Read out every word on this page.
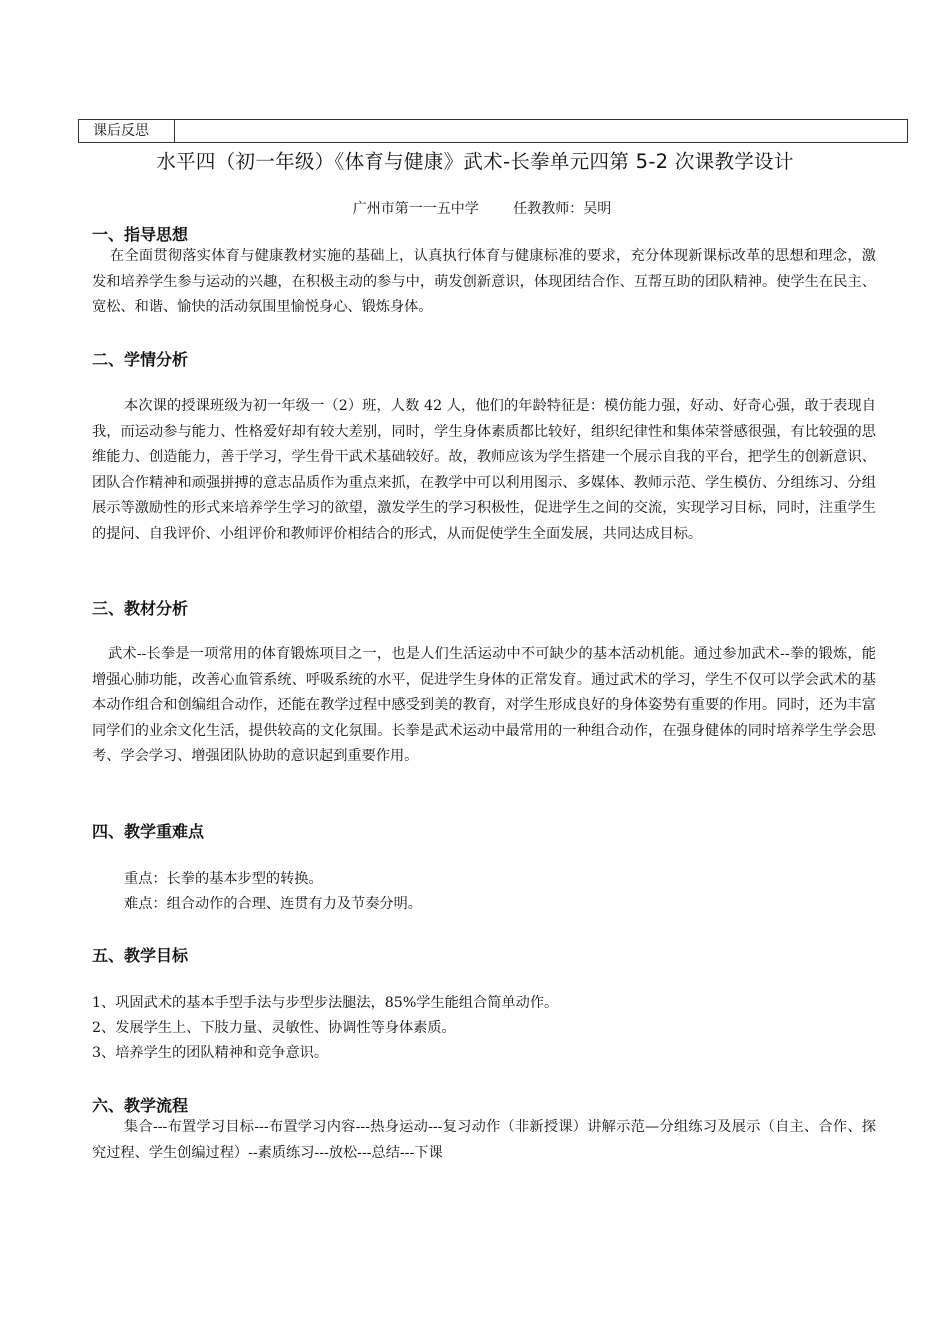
课后反思
水平四（初一年级）《体育与健康》武术-长拳单元四第 5-2 次课教学设计
广州市第一一五中学 任教教师：吴明
一、指导思想
在全面贯彻落实体育与健康教材实施的基础上，认真执行体育与健康标准的要求，充分体现新课标改革的思想和理念，激发和培养学生参与运动的兴趣，在积极主动的参与中，萌发创新意识，体现团结合作、互帮互助的团队精神。使学生在民主、宽松、和谐、愉快的活动氛围里愉悦身心、锻炼身体。
二、学情分析
本次课的授课班级为初一年级一（2）班，人数 42 人，他们的年龄特征是：模仿能力强，好动、好奇心强，敢于表现自我，而运动参与能力、性格爱好却有较大差别，同时，学生身体素质都比较好，组织纪律性和集体荣誉感很强，有比较强的思维能力、创造能力，善于学习，学生骨干武术基础较好。故，教师应该为学生搭建一个展示自我的平台，把学生的创新意识、团队合作精神和顽强拼搏的意志品质作为重点来抓，在教学中可以利用图示、多媒体、教师示范、学生模仿、分组练习、分组展示等激励性的形式来培养学生学习的欲望，激发学生的学习积极性，促进学生之间的交流，实现学习目标，同时，注重学生的提问、自我评价、小组评价和教师评价相结合的形式，从而促使学生全面发展，共同达成目标。
三、教材分析
武术--长拳是一项常用的体育锻炼项目之一，也是人们生活运动中不可缺少的基本活动机能。通过参加武术--拳的锻炼，能增强心肺功能，改善心血管系统、呼吸系统的水平，促进学生身体的正常发育。通过武术的学习，学生不仅可以学会武术的基本动作组合和创编组合动作，还能在教学过程中感受到美的教育，对学生形成良好的身体姿势有重要的作用。同时，还为丰富同学们的业余文化生活，提供较高的文化氛围。长拳是武术运动中最常用的一种组合动作，在强身健体的同时培养学生学会思考、学会学习、增强团队协助的意识起到重要作用。
四、教学重难点
重点：长拳的基本步型的转换。
难点：组合动作的合理、连贯有力及节奏分明。
五、教学目标
1、巩固武术的基本手型手法与步型步法腿法，85%学生能组合简单动作。
2、发展学生上、下肢力量、灵敏性、协调性等身体素质。
3、培养学生的团队精神和竞争意识。
六、教学流程
集合---布置学习目标---布置学习内容---热身运动---复习动作（非新授课）讲解示范—分组练习及展示（自主、合作、探究过程、学生创编过程）--素质练习---放松---总结---下课
